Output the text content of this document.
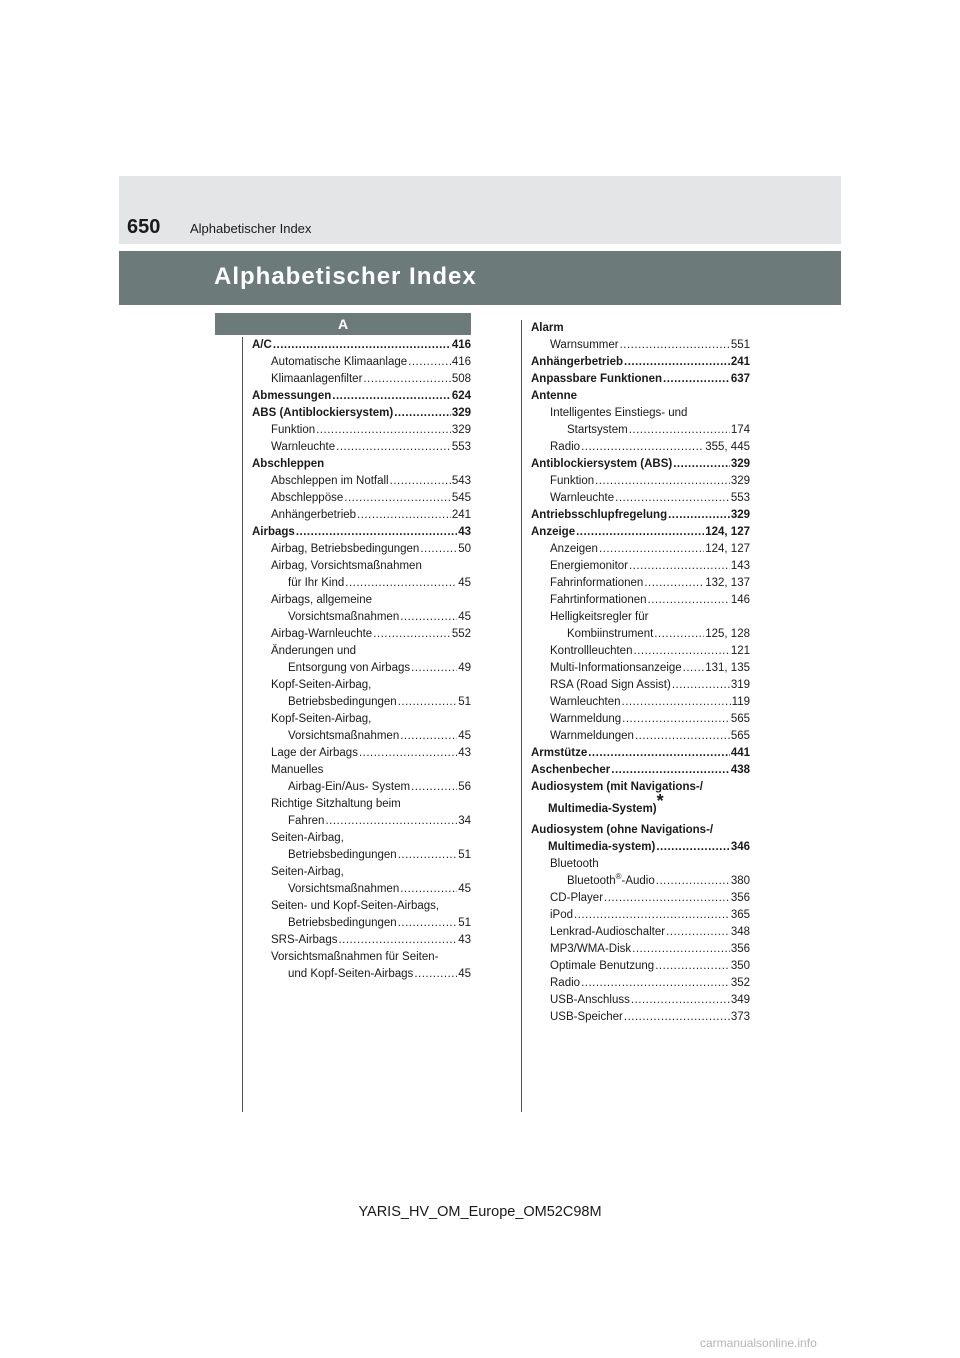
650 Alphabetischer Index
Alphabetischer Index
A
A/C .....	416
Automatische Klimaanlage .....	416
Klimaanlagenfilter .....	508
Abmessungen .....	624
ABS (Antiblockiersystem) .....	329
Funktion .....	329
Warnleuchte .....	553
Abschleppen
Abschleppen im Notfall .....	543
Abschleppöse .....	545
Anhängerbetrieb .....	241
Airbags .....	43
Airbag, Betriebsbedingungen .....	50
Airbag, Vorsichtsmaßnahmen
für Ihr Kind .....	45
Airbags, allgemeine
Vorsichtsmaßnahmen .....	45
Airbag-Warnleuchte .....	552
Änderungen und
Entsorgung von Airbags .....	49
Kopf-Seiten-Airbag,
Betriebsbedingungen .....	51
Kopf-Seiten-Airbag,
Vorsichtsmaßnahmen .....	45
Lage der Airbags .....	43
Manuelles
Airbag-Ein/Aus- System .....	56
Richtige Sitzhaltung beim
Fahren .....	34
Seiten-Airbag,
Betriebsbedingungen .....	51
Seiten-Airbag,
Vorsichtsmaßnahmen .....	45
Seiten- und Kopf-Seiten-Airbags,
Betriebsbedingungen .....	51
SRS-Airbags .....	43
Vorsichtsmaßnahmen für Seiten-
und Kopf-Seiten-Airbags .....	45
Alarm
Warnsummer .....	551
Anhängerbetrieb .....	241
Anpassbare Funktionen .....	637
Antenne
Intelligentes Einstiegs- und
Startsystem .....	174
Radio .....	355, 445
Antiblockiersystem (ABS) .....	329
Funktion .....	329
Warnleuchte .....	553
Antriebsschlupfregelung .....	329
Anzeige .....	124, 127
Anzeigen .....	124, 127
Energiemonitor .....	143
Fahrinformationen .....	132, 137
Fahrtinformationen .....	146
Helligkeitsregler für
Kombiinstrument .....	125, 128
Kontrollleuchten .....	121
Multi-Informationsanzeige ..... 131, 135
RSA (Road Sign Assist) .....	319
Warnleuchten .....	119
Warnmeldung .....	565
Warnmeldungen .....	565
Armstütze .....	441
Aschenbecher .....	438
Audiosystem (mit Navigations-/
Multimedia-System)*
Audiosystem (ohne Navigations-/
Multimedia-system) .....	346
Bluetooth
Bluetooth®-Audio .....	380
CD-Player .....	356
iPod .....	365
Lenkrad-Audioschalter .....	348
MP3/WMA-Disk .....	356
Optimale Benutzung .....	350
Radio .....	352
USB-Anschluss .....	349
USB-Speicher .....	373
YARIS_HV_OM_Europe_OM52C98M
carmanualsonline.info
